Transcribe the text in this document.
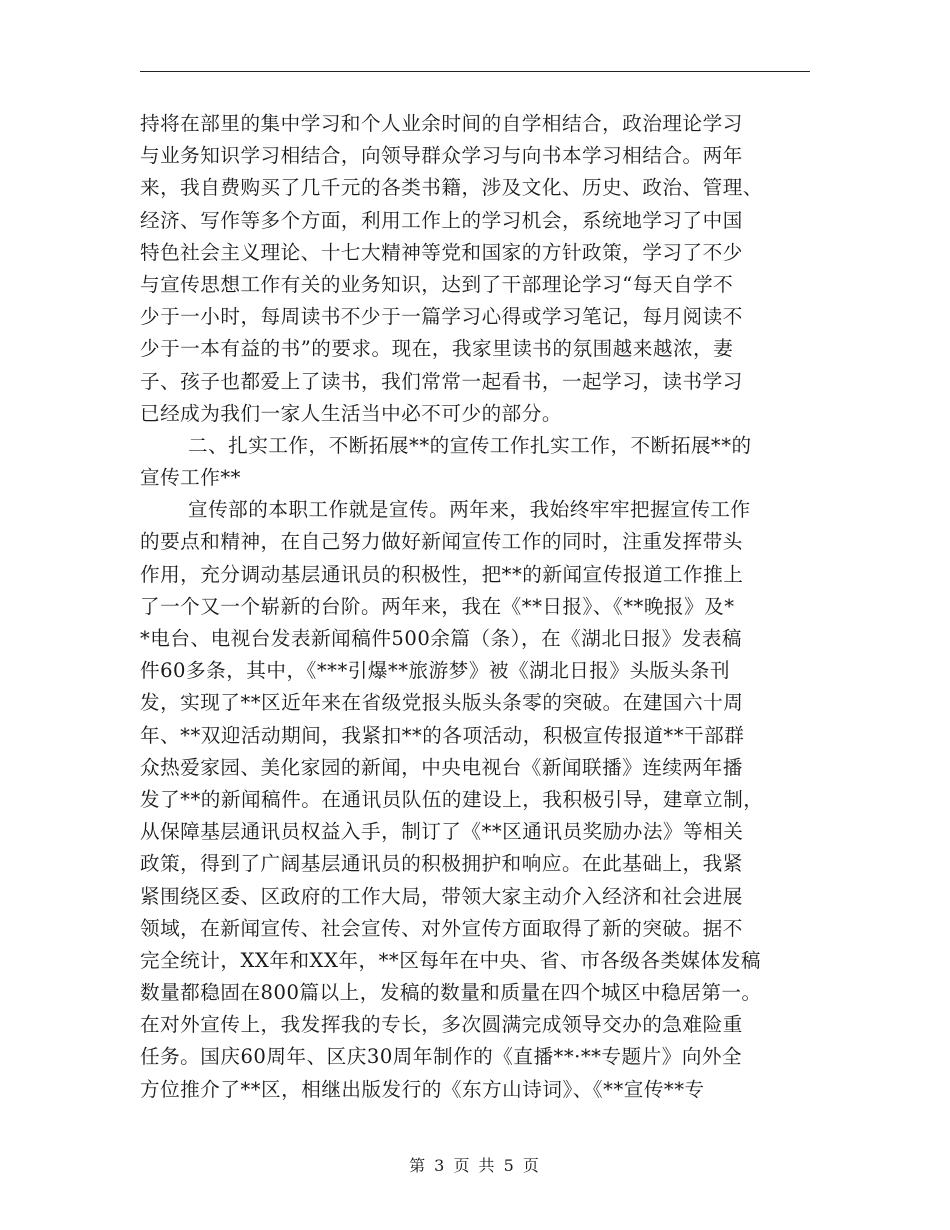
持将在部里的集中学习和个人业余时间的自学相结合，政治理论学习
与业务知识学习相结合，向领导群众学习与向书本学习相结合。两年
来，我自费购买了几千元的各类书籍，涉及文化、历史、政治、管理、
经济、写作等多个方面，利用工作上的学习机会，系统地学习了中国
特色社会主义理论、十七大精神等党和国家的方针政策，学习了不少
与宣传思想工作有关的业务知识，达到了干部理论学习“每天自学不
少于一小时，每周读书不少于一篇学习心得或学习笔记，每月阅读不
少于一本有益的书”的要求。现在，我家里读书的氛围越来越浓，妻
子、孩子也都爱上了读书，我们常常一起看书，一起学习，读书学习
已经成为我们一家人生活当中必不可少的部分。
二、扎实工作，不断拓展**的宣传工作扎实工作，不断拓展**的
宣传工作**
宣传部的本职工作就是宣传。两年来，我始终牢牢把握宣传工作
的要点和精神，在自己努力做好新闻宣传工作的同时，注重发挥带头
作用，充分调动基层通讯员的积极性，把**的新闻宣传报道工作推上
了一个又一个崭新的台阶。两年来，我在《**日报》、《**晚报》及*
*电台、电视台发表新闻稿件500余篇（条），在《湖北日报》发表稿
件60多条，其中，《***引爆**旅游梦》被《湖北日报》头版头条刊
发，实现了**区近年来在省级党报头版头条零的突破。在建国六十周
年、**双迎活动期间，我紧扣**的各项活动，积极宣传报道**干部群
众热爱家园、美化家园的新闻，中央电视台《新闻联播》连续两年播
发了**的新闻稿件。在通讯员队伍的建设上，我积极引导，建章立制，
从保障基层通讯员权益入手，制订了《**区通讯员奖励办法》等相关
政策，得到了广阔基层通讯员的积极拥护和响应。在此基础上，我紧
紧围绕区委、区政府的工作大局，带领大家主动介入经济和社会进展
领域，在新闻宣传、社会宣传、对外宣传方面取得了新的突破。据不
完全统计，XX年和XX年，**区每年在中央、省、市各级各类媒体发稿
数量都稳固在800篇以上，发稿的数量和质量在四个城区中稳居第一。
在对外宣传上，我发挥我的专长，多次圆满完成领导交办的急难险重
任务。国庆60周年、区庆30周年制作的《直播**·**专题片》向外全
方位推介了**区，相继出版发行的《东方山诗词》、《**宣传**专
第 3 页 共 5 页
